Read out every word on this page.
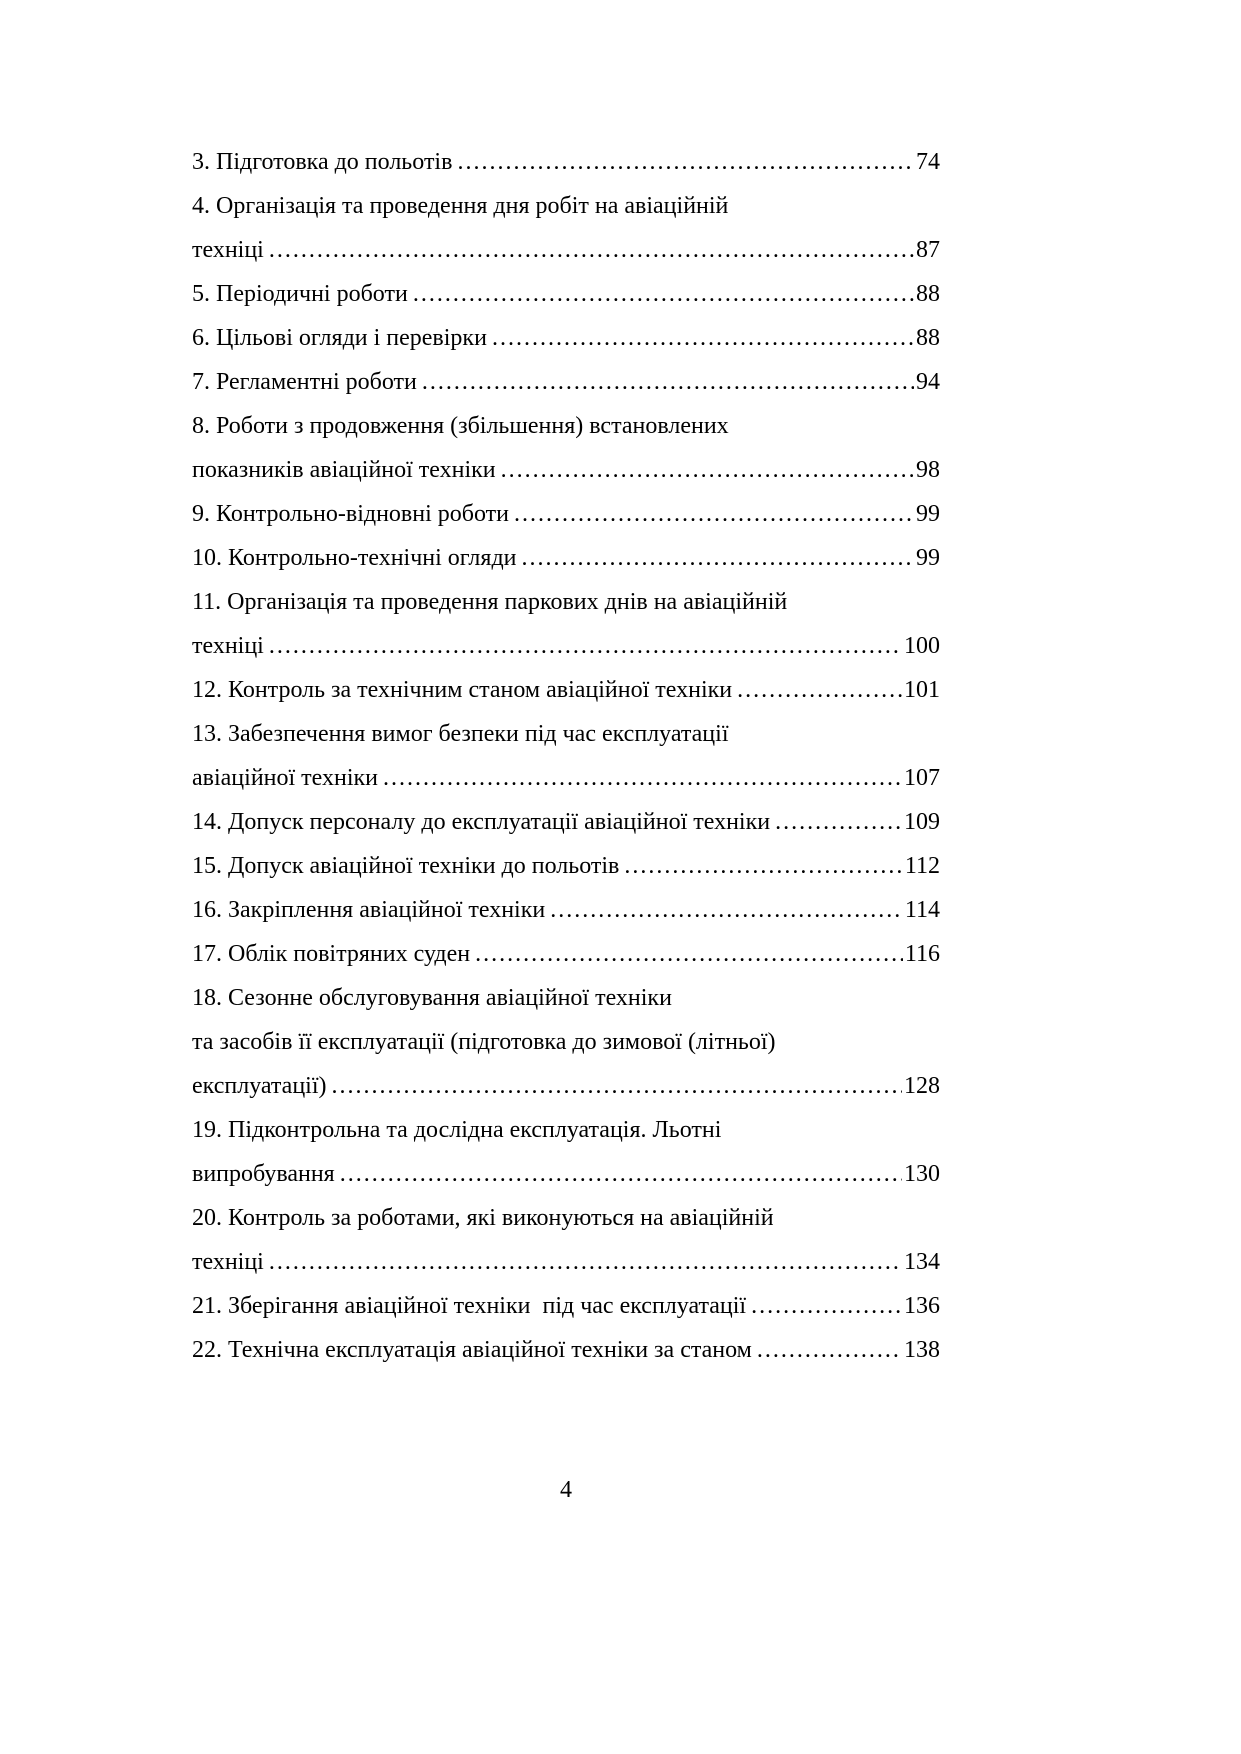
3. Підготовка до польотів .....	74
4. Організація та проведення дня робіт на авіаційній
техніці .....	87
5. Періодичні роботи .....	88
6. Цільові огляди і перевірки .....	88
7. Регламентні роботи .....	94
8. Роботи з продовження (збільшення) встановлених
показників авіаційної техніки .....	98
9. Контрольно-відновні роботи .....	99
10. Контрольно-технічні огляди .....	99
11. Організація та проведення паркових днів на авіаційній
техніці .....	100
12. Контроль за технічним станом авіаційної техніки .....	101
13. Забезпечення вимог безпеки під час експлуатації
авіаційної техніки .....	107
14. Допуск персоналу до експлуатації авіаційної техніки .....	109
15. Допуск авіаційної техніки до польотів .....	112
16. Закріплення авіаційної техніки .....	114
17. Облік повітряних суден .....	116
18. Сезонне обслуговування авіаційної техніки
та засобів її експлуатації (підготовка до зимової (літньої)
експлуатації) .....	128
19. Підконтрольна та дослідна експлуатація. Льотні
випробування .....	130
20. Контроль за роботами, які виконуються на авіаційній
техніці .....	134
21. Зберігання авіаційної техніки  під час експлуатації .....	136
22. Технічна експлуатація авіаційної техніки за станом .....	138
4
